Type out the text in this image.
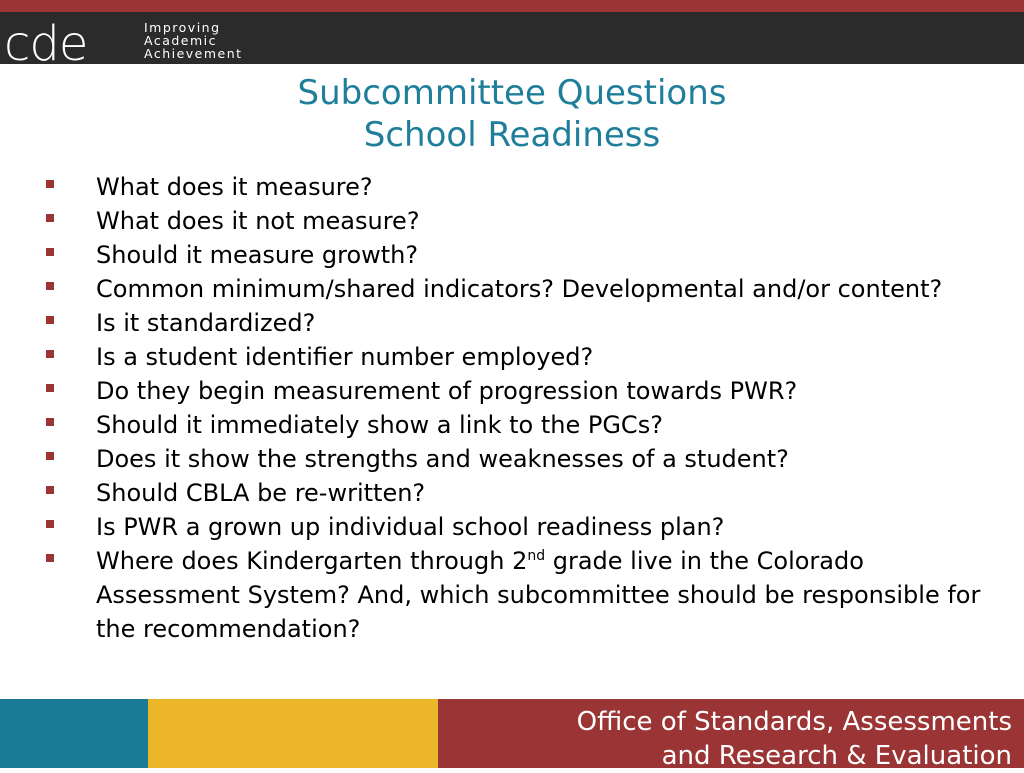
cde	Improving
Academic
Achievement
Subcommittee Questions
School Readiness
What does it measure?
What does it not measure?
Should it measure growth?
Common minimum/shared indicators? Developmental and/or content?
Is it standardized?
Is a student identifier number employed?
Do they begin measurement of progression towards PWR?
Should it immediately show a link to the PGCs?
Does it show the strengths and weaknesses of a student?
Should CBLA be re-written?
Is PWR a grown up individual school readiness plan?
Where does Kindergarten through 2nd grade live in the Colorado Assessment System? And, which subcommittee should be responsible for the recommendation?
Office of Standards, Assessments
and Research & Evaluation
